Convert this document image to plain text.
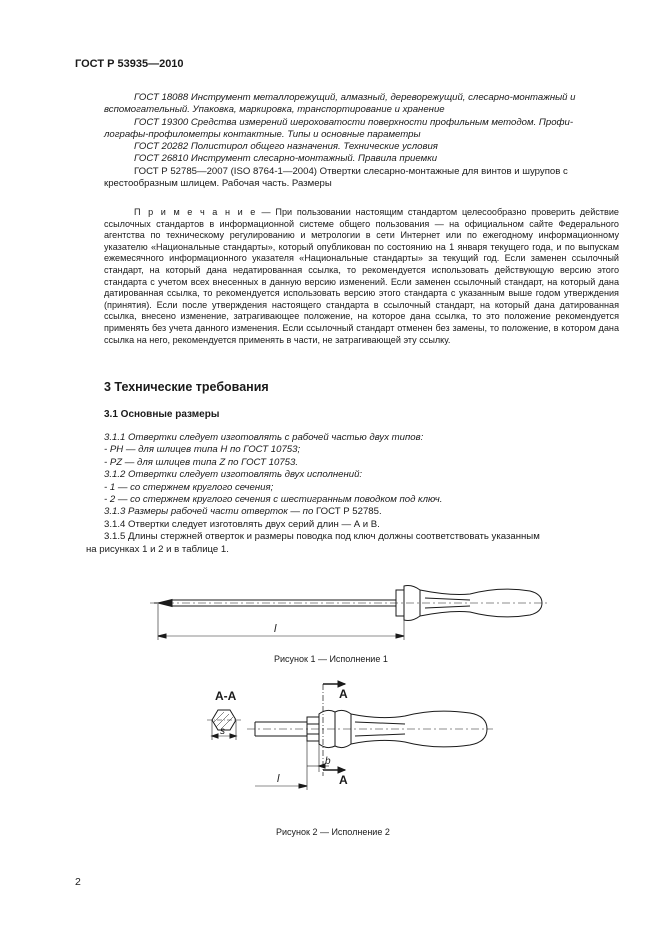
ГОСТ Р 53935—2010

ГОСТ 18088 Инструмент металлорежущий, алмазный, дереворежущий, слесарно-монтажный и

вспомогательный. Упаковка, маркировка, транспортирование и хранение

ГОСТ 19300 Средства измерений шероховатости поверхности профильным методом. Профи-

лографы-профилометры контактные. Типы и основные параметры

ГОСТ 20282 Полистирол общего назначения. Технические условия

ГОСТ 26810 Инструмент слесарно-монтажный. Правила приемки

ГОСТ Р 52785—2007 (ISO 8764-1—2004) Отвертки слесарно-монтажные для винтов и шурупов с

крестообразным шлицем. Рабочая часть. Размеры

П р и м е ч а н и е — При пользовании настоящим стандартом целесообразно проверить действие ссылочных стандартов в информационной системе общего пользования — на официальном сайте Федерального агентства по техническому регулированию и метрологии в сети Интернет или по ежегодному информационному указателю «Национальные стандарты», который опубликован по состоянию на 1 января текущего года, и по выпускам ежемесячного информационного указателя «Национальные стандарты» за текущий год. Если заменен ссылочный стандарт, на который дана недатированная ссылка, то рекомендуется использовать действующую версию этого стандарта с учетом всех внесенных в данную версию изменений. Если заменен ссылочный стандарт, на который дана датированная ссылка, то рекомендуется использовать версию этого стандарта с указанным выше годом утверждения (принятия). Если после утверждения настоящего стандарта в ссылочный стандарт, на который дана датированная ссылка, внесено изменение, затрагивающее положение, на которое дана ссылка, то это положение рекомендуется применять без учета данного изменения. Если ссылочный стандарт отменен без замены, то положение, в котором дана ссылка на него, рекомендуется применять в части, не затрагивающей эту ссылку.

3 Технические требования
3.1 Основные размеры

3.1.1 Отвертки следует изготовлять с рабочей частью двух типов:

- PH — для шлицев типа H по ГОСТ 10753;

- PZ — для шлицев типа Z по ГОСТ 10753.

3.1.2 Отвертки следует изготовлять двух исполнений:

- 1 — со стержнем круглого сечения;

- 2 — со стержнем круглого сечения с шестигранным поводком под ключ.

3.1.3 Размеры рабочей части отверток — по ГОСТ Р 52785.

3.1.4 Отвертки следует изготовлять двух серий длин — А и В.

3.1.5 Длины стержней отверток и размеры поводка под ключ должны соответствовать указанным

на рисунках 1 и 2 и в таблице 1.

l
Рисунок 1 — Исполнение 1
А-А	А
А
s
b
l
Рисунок 2 — Исполнение 2
2
